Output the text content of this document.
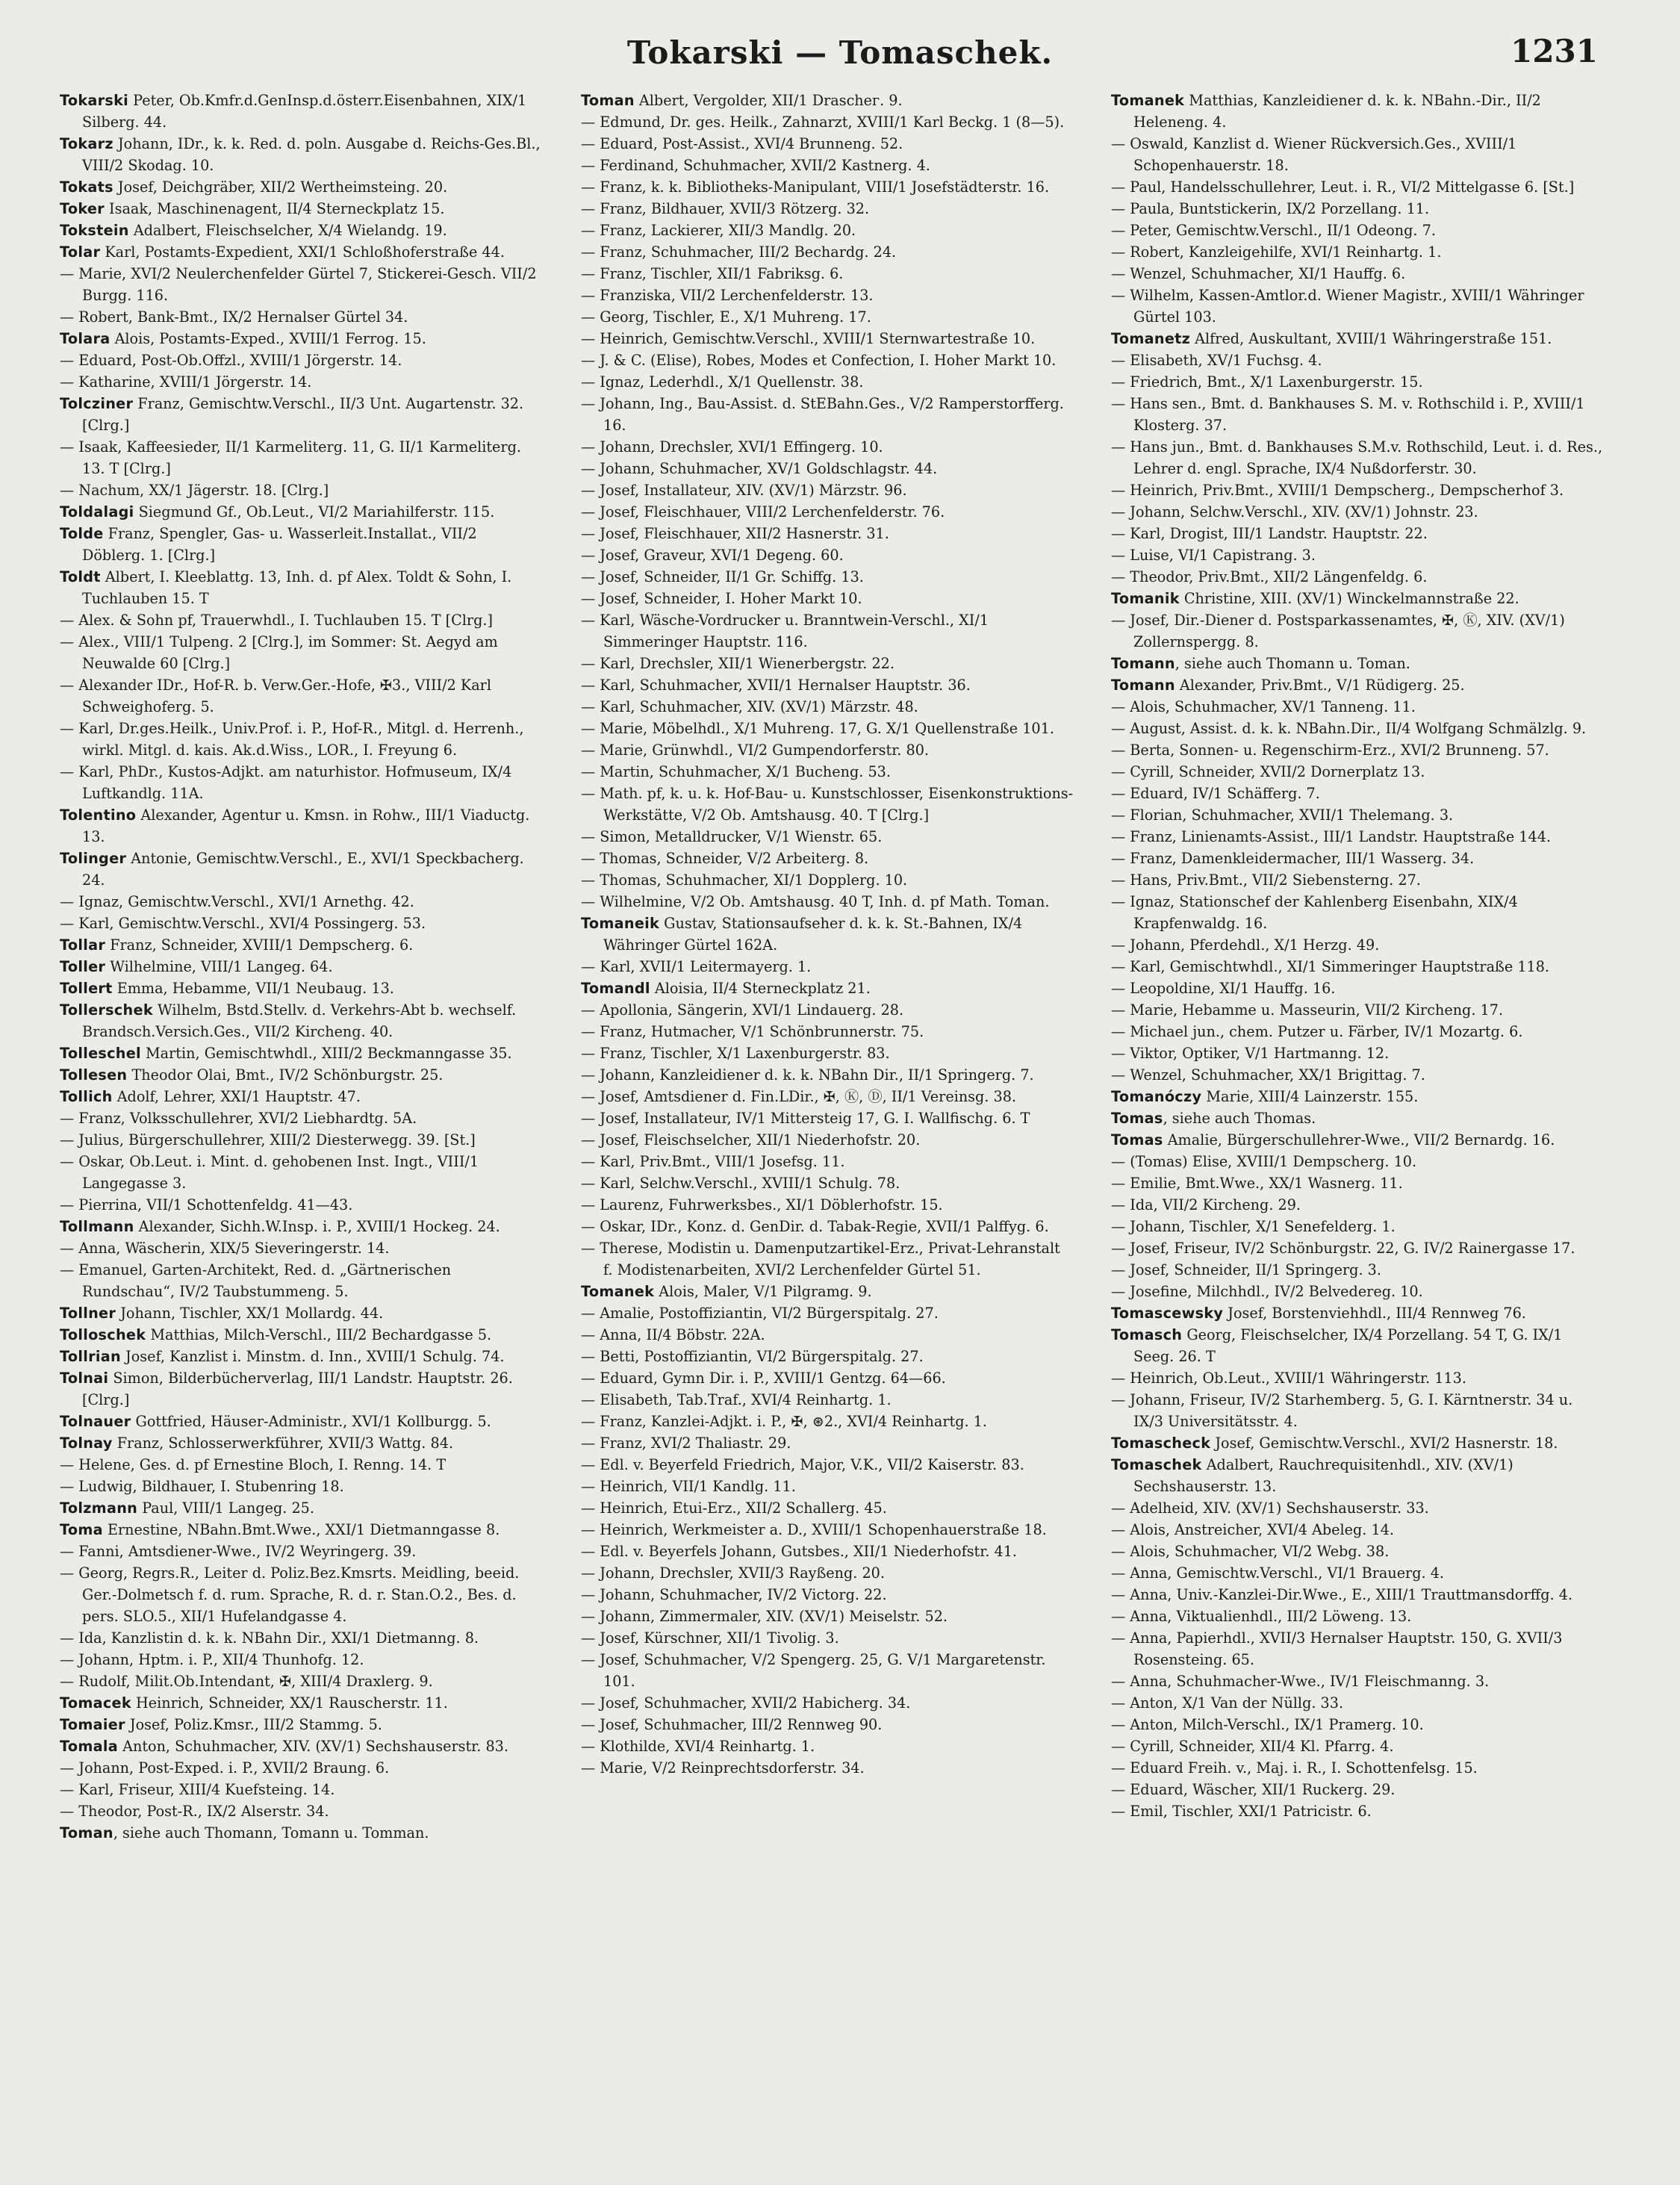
Tokarski — Tomaschek.	1231

Tokarski Peter, Ob.Kmfr.d.GenInsp.d.österr.Eisenbahnen, XIX/1 Silberg. 44.

Tokarz Johann, IDr., k. k. Red. d. poln. Ausgabe d. Reichs-Ges.Bl., VIII/2 Skodag. 10.

Tokats Josef, Deichgräber, XII/2 Wertheimsteing. 20.

Toker Isaak, Maschinenagent, II/4 Sterneckplatz 15.

Tokstein Adalbert, Fleischselcher, X/4 Wielandg. 19.

Tolar Karl, Postamts-Expedient, XXI/1 Schloßhoferstraße 44.

— Marie, XVI/2 Neulerchenfelder Gürtel 7, Stickerei-Gesch. VII/2 Burgg. 116.

— Robert, Bank-Bmt., IX/2 Hernalser Gürtel 34.

Tolara Alois, Postamts-Exped., XVIII/1 Ferrog. 15.

— Eduard, Post-Ob.Offzl., XVIII/1 Jörgerstr. 14.

— Katharine, XVIII/1 Jörgerstr. 14.

Tolcziner Franz, Gemischtw.Verschl., II/3 Unt. Augartenstr. 32. [Clrg.]

— Isaak, Kaffeesieder, II/1 Karmeliterg. 11, G. II/1 Karmeliterg. 13. T [Clrg.]

— Nachum, XX/1 Jägerstr. 18. [Clrg.]

Toldalagi Siegmund Gf., Ob.Leut., VI/2 Mariahilferstr. 115.

Tolde Franz, Spengler, Gas- u. Wasserleit.Installat., VII/2 Döblerg. 1. [Clrg.]

Toldt Albert, I. Kleeblattg. 13, Inh. d. pf Alex. Toldt & Sohn, I. Tuchlauben 15. T

— Alex. & Sohn pf, Trauerwhdl., I. Tuchlauben 15. T [Clrg.]

— Alex., VIII/1 Tulpeng. 2 [Clrg.], im Sommer: St. Aegyd am Neuwalde 60 [Clrg.]

— Alexander IDr., Hof-R. b. Verw.Ger.-Hofe, ✠3., VIII/2 Karl Schweighoferg. 5.

— Karl, Dr.ges.Heilk., Univ.Prof. i. P., Hof-R., Mitgl. d. Herrenh., wirkl. Mitgl. d. kais. Ak.d.Wiss., LOR., I. Freyung 6.

— Karl, PhDr., Kustos-Adjkt. am naturhistor. Hofmuseum, IX/4 Luftkandlg. 11A.

Tolentino Alexander, Agentur u. Kmsn. in Rohw., III/1 Viaductg. 13.

Tolinger Antonie, Gemischtw.Verschl., E., XVI/1 Speckbacherg. 24.

— Ignaz, Gemischtw.Verschl., XVI/1 Arnethg. 42.

— Karl, Gemischtw.Verschl., XVI/4 Possingerg. 53.

Tollar Franz, Schneider, XVIII/1 Dempscherg. 6.

Toller Wilhelmine, VIII/1 Langeg. 64.

Tollert Emma, Hebamme, VII/1 Neubaug. 13.

Tollerschek Wilhelm, Bstd.Stellv. d. Verkehrs-Abt b. wechself. Brandsch.Versich.Ges., VII/2 Kircheng. 40.

Tolleschel Martin, Gemischtwhdl., XIII/2 Beckmanngasse 35.

Tollesen Theodor Olai, Bmt., IV/2 Schönburgstr. 25.

Tollich Adolf, Lehrer, XXI/1 Hauptstr. 47.

— Franz, Volksschullehrer, XVI/2 Liebhardtg. 5A.

— Julius, Bürgerschullehrer, XIII/2 Diesterwegg. 39. [St.]

— Oskar, Ob.Leut. i. Mint. d. gehobenen Inst. Ingt., VIII/1 Langegasse 3.

— Pierrina, VII/1 Schottenfeldg. 41—43.

Tollmann Alexander, Sichh.W.Insp. i. P., XVIII/1 Hockeg. 24.

— Anna, Wäscherin, XIX/5 Sieveringerstr. 14.

— Emanuel, Garten-Architekt, Red. d. „Gärtnerischen Rundschau“, IV/2 Taubstummeng. 5.

Tollner Johann, Tischler, XX/1 Mollardg. 44.

Tolloschek Matthias, Milch-Verschl., III/2 Bechardgasse 5.

Tollrian Josef, Kanzlist i. Minstm. d. Inn., XVIII/1 Schulg. 74.

Tolnai Simon, Bilderbücherverlag, III/1 Landstr. Hauptstr. 26. [Clrg.]

Tolnauer Gottfried, Häuser-Administr., XVI/1 Kollburgg. 5.

Tolnay Franz, Schlosserwerkführer, XVII/3 Wattg. 84.

— Helene, Ges. d. pf Ernestine Bloch, I. Renng. 14. T

— Ludwig, Bildhauer, I. Stubenring 18.

Tolzmann Paul, VIII/1 Langeg. 25.

Toma Ernestine, NBahn.Bmt.Wwe., XXI/1 Dietmanngasse 8.

— Fanni, Amtsdiener-Wwe., IV/2 Weyringerg. 39.

— Georg, Regrs.R., Leiter d. Poliz.Bez.Kmsrts. Meidling, beeid. Ger.-Dolmetsch f. d. rum. Sprache, R. d. r. Stan.O.2., Bes. d. pers. SLO.5., XII/1 Hufelandgasse 4.

— Ida, Kanzlistin d. k. k. NBahn Dir., XXI/1 Dietmanng. 8.

— Johann, Hptm. i. P., XII/4 Thunhofg. 12.

— Rudolf, Milit.Ob.Intendant, ✠, XIII/4 Draxlerg. 9.

Tomacek Heinrich, Schneider, XX/1 Rauscherstr. 11.

Tomaier Josef, Poliz.Kmsr., III/2 Stammg. 5.

Tomala Anton, Schuhmacher, XIV. (XV/1) Sechshauserstr. 83.

— Johann, Post-Exped. i. P., XVII/2 Braung. 6.

— Karl, Friseur, XIII/4 Kuefsteing. 14.

— Theodor, Post-R., IX/2 Alserstr. 34.

Toman, siehe auch Thomann, Tomann u. Tomman.

Toman Albert, Vergolder, XII/1 Draschег. 9.

— Edmund, Dr. ges. Heilk., Zahnarzt, XVIII/1 Karl Beckg. 1 (8—5).

— Eduard, Post-Assist., XVI/4 Brunneng. 52.

— Ferdinand, Schuhmacher, XVII/2 Kastnerg. 4.

— Franz, k. k. Bibliotheks-Manipulant, VIII/1 Josefstädterstr. 16.

— Franz, Bildhauer, XVII/3 Rötzerg. 32.

— Franz, Lackierer, XII/3 Mandlg. 20.

— Franz, Schuhmacher, III/2 Bechardg. 24.

— Franz, Tischler, XII/1 Fabriksg. 6.

— Franziska, VII/2 Lerchenfelderstr. 13.

— Georg, Tischler, E., X/1 Muhreng. 17.

— Heinrich, Gemischtw.Verschl., XVIII/1 Sternwartestraße 10.

— J. & C. (Elise), Robes, Modes et Confection, I. Hoher Markt 10.

— Ignaz, Lederhdl., X/1 Quellenstr. 38.

— Johann, Ing., Bau-Assist. d. StEBahn.Ges., V/2 Ramperstorfferg. 16.

— Johann, Drechsler, XVI/1 Effingerg. 10.

— Johann, Schuhmacher, XV/1 Goldschlagstr. 44.

— Josef, Installateur, XIV. (XV/1) Märzstr. 96.

— Josef, Fleischhauer, VIII/2 Lerchenfelderstr. 76.

— Josef, Fleischhauer, XII/2 Hasnerstr. 31.

— Josef, Graveur, XVI/1 Degeng. 60.

— Josef, Schneider, II/1 Gr. Schiffg. 13.

— Josef, Schneider, I. Hoher Markt 10.

— Karl, Wäsche-Vordrucker u. Branntwein-Verschl., XI/1 Simmeringer Hauptstr. 116.

— Karl, Drechsler, XII/1 Wienerbergstr. 22.

— Karl, Schuhmacher, XVII/1 Hernalser Hauptstr. 36.

— Karl, Schuhmacher, XIV. (XV/1) Märzstr. 48.

— Marie, Möbelhdl., X/1 Muhreng. 17, G. X/1 Quellenstraße 101.

— Marie, Grünwhdl., VI/2 Gumpendorferstr. 80.

— Martin, Schuhmacher, X/1 Buchеng. 53.

— Math. pf, k. u. k. Hof-Bau- u. Kunstschlosser, Eisenkonstruktions-Werkstätte, V/2 Ob. Amtshausg. 40. T [Clrg.]

— Simon, Metalldrucker, V/1 Wienstr. 65.

— Thomas, Schneider, V/2 Arbeiterg. 8.

— Thomas, Schuhmacher, XI/1 Dopplerg. 10.

— Wilhelmine, V/2 Ob. Amtshausg. 40 T, Inh. d. pf Math. Toman.

Tomaneik Gustav, Stationsaufseher d. k. k. St.-Bahnen, IX/4 Währinger Gürtel 162A.

— Karl, XVII/1 Leitermayerg. 1.

Tomandl Aloisia, II/4 Sterneckplatz 21.

— Apollonia, Sängerin, XVI/1 Lindauerg. 28.

— Franz, Hutmacher, V/1 Schönbrunnerstr. 75.

— Franz, Tischler, X/1 Laxenburgerstr. 83.

— Johann, Kanzleidiener d. k. k. NBahn Dir., II/1 Springerg. 7.

— Josef, Amtsdiener d. Fin.LDir., ✠, Ⓚ, Ⓓ, II/1 Vereinsg. 38.

— Josef, Installateur, IV/1 Mittersteig 17, G. I. Wallfischg. 6. T

— Josef, Fleischselcher, XII/1 Niederhofstr. 20.

— Karl, Priv.Bmt., VIII/1 Josefsg. 11.

— Karl, Selchw.Verschl., XVIII/1 Schulg. 78.

— Laurenz, Fuhrwerksbes., XI/1 Döblerhofstr. 15.

— Oskar, IDr., Konz. d. GenDir. d. Tabak-Regie, XVII/1 Palffyg. 6.

— Therese, Modistin u. Damenputzartikel-Erz., Privat-Lehranstalt f. Modistenarbeiten, XVI/2 Lerchenfelder Gürtel 51.

Tomanek Alois, Maler, V/1 Pilgramg. 9.

— Amalie, Postoffizіantin, VI/2 Bürgerspitalg. 27.

— Anna, II/4 Böbstr. 22A.

— Betti, Postoffiziantin, VI/2 Bürgerspitalg. 27.

— Eduard, Gymn Dir. i. P., XVIII/1 Gentzg. 64—66.

— Elisabeth, Tab.Traf., XVI/4 Reinhartg. 1.

— Franz, Kanzlei-Adjkt. i. P., ✠, ⊛2., XVI/4 Reinhartg. 1.

— Franz, XVI/2 Thaliastr. 29.

— Edl. v. Beyerfeld Friedrich, Major, V.K., VII/2 Kaiserstr. 83.

— Heinrich, VII/1 Kandlg. 11.

— Heinrich, Etui-Erz., XII/2 Schallerg. 45.

— Heinrich, Werkmeister a. D., XVIII/1 Schopenhauerstraße 18.

— Edl. v. Beyerfels Johann, Gutsbes., XII/1 Niederhofstr. 41.

— Johann, Drechsler, XVII/3 Rayßeng. 20.

— Johann, Schuhmacher, IV/2 Victorg. 22.

— Johann, Zimmermaler, XIV. (XV/1) Meiselstr. 52.

— Josef, Kürschner, XII/1 Tivolig. 3.

— Josef, Schuhmacher, V/2 Spengerg. 25, G. V/1 Margaretenstr. 101.

— Josef, Schuhmacher, XVII/2 Habicherg. 34.

— Josef, Schuhmacher, III/2 Rennweg 90.

— Klothilde, XVI/4 Reinhartg. 1.

— Marie, V/2 Reinprechtsdorferstr. 34.

Tomanek Matthias, Kanzleidiener d. k. k. NBahn.-Dir., II/2 Heleneng. 4.

— Oswald, Kanzlist d. Wiener Rückversich.Ges., XVIII/1 Schopenhauerstr. 18.

— Paul, Handelsschullehrer, Leut. i. R., VI/2 Mittelgasse 6. [St.]

— Paula, Buntstickerin, IX/2 Porzellang. 11.

— Peter, Gemischtw.Verschl., II/1 Odeong. 7.

— Robert, Kanzleigehilfe, XVI/1 Reinhartg. 1.

— Wenzel, Schuhmacher, XI/1 Hauffg. 6.

— Wilhelm, Kassen-Amtlor.d. Wiener Magistr., XVIII/1 Währinger Gürtel 103.

Tomanetz Alfred, Auskultant, XVIII/1 Währingerstraße 151.

— Elisabeth, XV/1 Fuchsg. 4.

— Friedrich, Bmt., X/1 Laxenburgerstr. 15.

— Hans sen., Bmt. d. Bankhauses S. M. v. Rothschild i. P., XVIII/1 Klosterg. 37.

— Hans jun., Bmt. d. Bankhauses S.M.v. Rothschild, Leut. i. d. Res., Lehrer d. engl. Sprache, IX/4 Nußdorferstr. 30.

— Heinrich, Priv.Bmt., XVIII/1 Dempscherg., Dempscherhof 3.

— Johann, Selchw.Verschl., XIV. (XV/1) Johnstr. 23.

— Karl, Drogist, III/1 Landstr. Hauptstr. 22.

— Luise, VI/1 Capistrang. 3.

— Theodor, Priv.Bmt., XII/2 Längenfeldg. 6.

Tomanik Christine, XIII. (XV/1) Winckelmannstraße 22.

— Josef, Dir.-Diener d. Postsparkassenamtes, ✠, Ⓚ, XIV. (XV/1) Zollernspergg. 8.

Tomann, siehe auch Thomann u. Toman.

Tomann Alexander, Priv.Bmt., V/1 Rüdigerg. 25.

— Alois, Schuhmacher, XV/1 Tanneng. 11.

— August, Assist. d. k. k. NBahn.Dir., II/4 Wolfgang Schmälzlg. 9.

— Berta, Sonnen- u. Regenschirm-Erz., XVI/2 Brunneng. 57.

— Cyrill, Schneider, XVII/2 Dornerplatz 13.

— Eduard, IV/1 Schäfferg. 7.

— Florian, Schuhmacher, XVII/1 Thelemang. 3.

— Franz, Linienamts-Assist., III/1 Landstr. Hauptstraße 144.

— Franz, Damenkleidermacher, III/1 Wasserg. 34.

— Hans, Priv.Bmt., VII/2 Siebensterng. 27.

— Ignaz, Stationschef der Kahlenberg Eisenbahn, XIX/4 Krapfenwaldg. 16.

— Johann, Pferdehdl., X/1 Herzg. 49.

— Karl, Gemischtwhdl., XI/1 Simmeringer Hauptstraße 118.

— Leopoldine, XI/1 Hauffg. 16.

— Marie, Hebamme u. Masseurin, VII/2 Kircheng. 17.

— Michael jun., chem. Putzer u. Färber, IV/1 Mozartg. 6.

— Viktor, Optiker, V/1 Hartmanng. 12.

— Wenzel, Schuhmacher, XX/1 Brigittag. 7.

Tomanóczy Marie, XIII/4 Lainzerstr. 155.

Tomas, siehe auch Thomas.

Tomas Amalie, Bürgerschullehrer-Wwe., VII/2 Bernardg. 16.

— (Tomas) Elise, XVIII/1 Dempscherg. 10.

— Emilie, Bmt.Wwe., XX/1 Wasnerg. 11.

— Ida, VII/2 Kircheng. 29.

— Johann, Tischler, X/1 Senefelderg. 1.

— Josef, Friseur, IV/2 Schönburgstr. 22, G. IV/2 Rainergasse 17.

— Josef, Schneider, II/1 Springerg. 3.

— Josefine, Milchhdl., IV/2 Belvederеg. 10.

Tomascewsky Josef, Borstenviehhdl., III/4 Rennweg 76.

Tomasch Georg, Fleischselcher, IX/4 Porzellang. 54 T, G. IX/1 Seeg. 26. T

— Heinrich, Ob.Leut., XVIII/1 Währingerstr. 113.

— Johann, Friseur, IV/2 Starhemberg. 5, G. I. Kärntnerstr. 34 u. IX/3 Universitätsstr. 4.

Tomascheck Josef, Gemischtw.Verschl., XVI/2 Hasnerstr. 18.

Tomaschek Adalbert, Rauchrequisitenhdl., XIV. (XV/1) Sechshauserstr. 13.

— Adelheid, XIV. (XV/1) Sechshauserstr. 33.

— Alois, Anstreicher, XVI/4 Abeleg. 14.

— Alois, Schuhmacher, VI/2 Webg. 38.

— Anna, Gemischtw.Verschl., VI/1 Brauerg. 4.

— Anna, Univ.-Kanzlei-Dir.Wwe., E., XIII/1 Trauttmansdorffg. 4.

— Anna, Viktualienhdl., III/2 Löweng. 13.

— Anna, Papierhdl., XVII/3 Hernalser Hauptstr. 150, G. XVII/3 Rosensteing. 65.

— Anna, Schuhmacher-Wwe., IV/1 Fleischmanng. 3.

— Anton, X/1 Van der Nüllg. 33.

— Anton, Milch-Verschl., IX/1 Pramerg. 10.

— Cyrill, Schneider, XII/4 Kl. Pfarrg. 4.

— Eduard Freih. v., Maj. i. R., I. Schottenfelsg. 15.

— Eduard, Wäscher, XII/1 Ruckerg. 29.

— Emil, Tischler, XXI/1 Patricistr. 6.
